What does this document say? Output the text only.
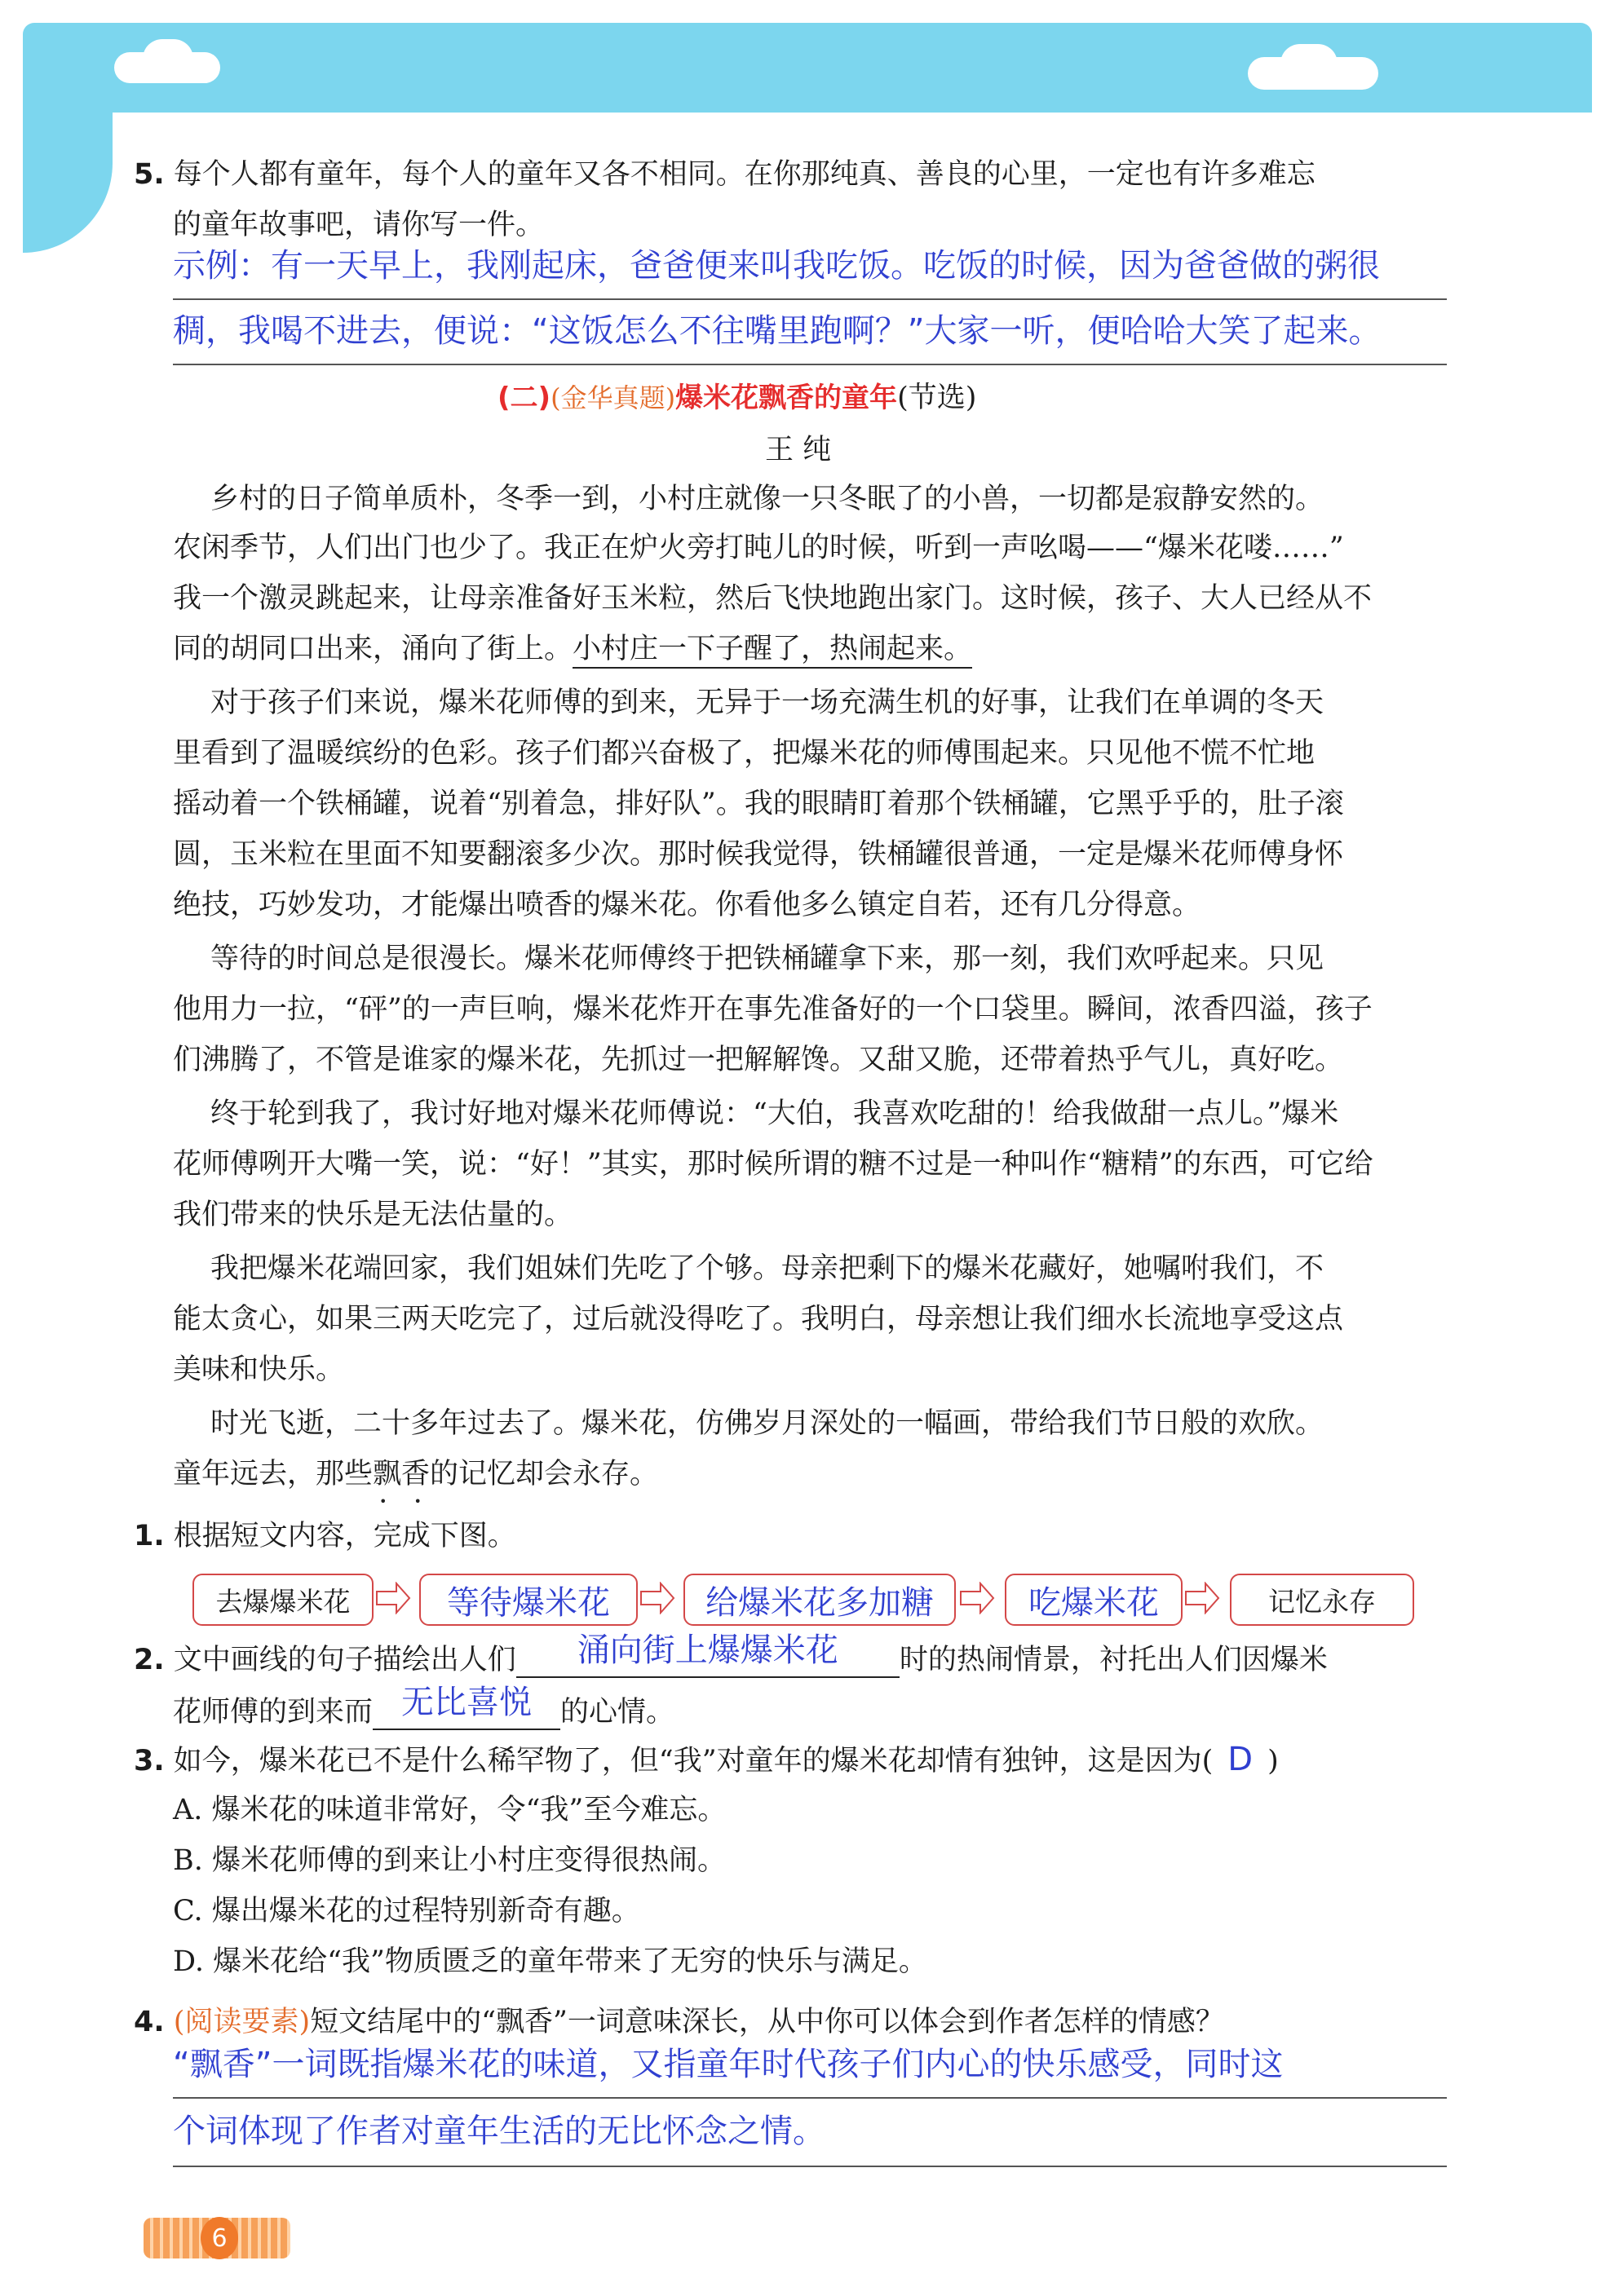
5. 每个人都有童年，每个人的童年又各不相同。在你那纯真、善良的心里，一定也有许多难忘
的童年故事吧，请你写一件。
示例：有一天早上，我刚起床，爸爸便来叫我吃饭。吃饭的时候，因为爸爸做的粥很
稠，我喝不进去，便说：“这饭怎么不往嘴里跑啊？”大家一听，便哈哈大笑了起来。
(二)(金华真题)爆米花飘香的童年(节选)
王 纯
乡村的日子简单质朴，冬季一到，小村庄就像一只冬眠了的小兽，一切都是寂静安然的。
农闲季节，人们出门也少了。我正在炉火旁打盹儿的时候，听到一声吆喝——“爆米花喽……”
我一个激灵跳起来，让母亲准备好玉米粒，然后飞快地跑出家门。这时候，孩子、大人已经从不
同的胡同口出来，涌向了街上。小村庄一下子醒了，热闹起来。
对于孩子们来说，爆米花师傅的到来，无异于一场充满生机的好事，让我们在单调的冬天
里看到了温暖缤纷的色彩。孩子们都兴奋极了，把爆米花的师傅围起来。只见他不慌不忙地
摇动着一个铁桶罐，说着“别着急，排好队”。我的眼睛盯着那个铁桶罐，它黑乎乎的，肚子滚
圆，玉米粒在里面不知要翻滚多少次。那时候我觉得，铁桶罐很普通，一定是爆米花师傅身怀
绝技，巧妙发功，才能爆出喷香的爆米花。你看他多么镇定自若，还有几分得意。
等待的时间总是很漫长。爆米花师傅终于把铁桶罐拿下来，那一刻，我们欢呼起来。只见
他用力一拉，“砰”的一声巨响，爆米花炸开在事先准备好的一个口袋里。瞬间，浓香四溢，孩子
们沸腾了，不管是谁家的爆米花，先抓过一把解解馋。又甜又脆，还带着热乎气儿，真好吃。
终于轮到我了，我讨好地对爆米花师傅说：“大伯，我喜欢吃甜的！给我做甜一点儿。”爆米
花师傅咧开大嘴一笑，说：“好！”其实，那时候所谓的糖不过是一种叫作“糖精”的东西，可它给
我们带来的快乐是无法估量的。
我把爆米花端回家，我们姐妹们先吃了个够。母亲把剩下的爆米花藏好，她嘱咐我们，不
能太贪心，如果三两天吃完了，过后就没得吃了。我明白，母亲想让我们细水长流地享受这点
美味和快乐。
时光飞逝，二十多年过去了。爆米花，仿佛岁月深处的一幅画，带给我们节日般的欢欣。
童年远去，那些飘香 • •的记忆却会永存。
1. 根据短文内容，完成下图。
去爆爆米花	等待爆米花	给爆米花多加糖	吃爆米花	记忆永存
2. 文中画线的句子描绘出人们 涌向街上爆爆米花 时的热闹情景，衬托出人们因爆米
花师傅的到来而 无比喜悦 的心情。
3. 如今，爆米花已不是什么稀罕物了，但“我”对童年的爆米花却情有独钟，这是因为( D )
A. 爆米花的味道非常好，令“我”至今难忘。
B. 爆米花师傅的到来让小村庄变得很热闹。
C. 爆出爆米花的过程特别新奇有趣。
D. 爆米花给“我”物质匮乏的童年带来了无穷的快乐与满足。
4. (阅读要素)短文结尾中的“飘香”一词意味深长，从中你可以体会到作者怎样的情感？
“飘香”一词既指爆米花的味道，又指童年时代孩子们内心的快乐感受，同时这
个词体现了作者对童年生活的无比怀念之情。
6
